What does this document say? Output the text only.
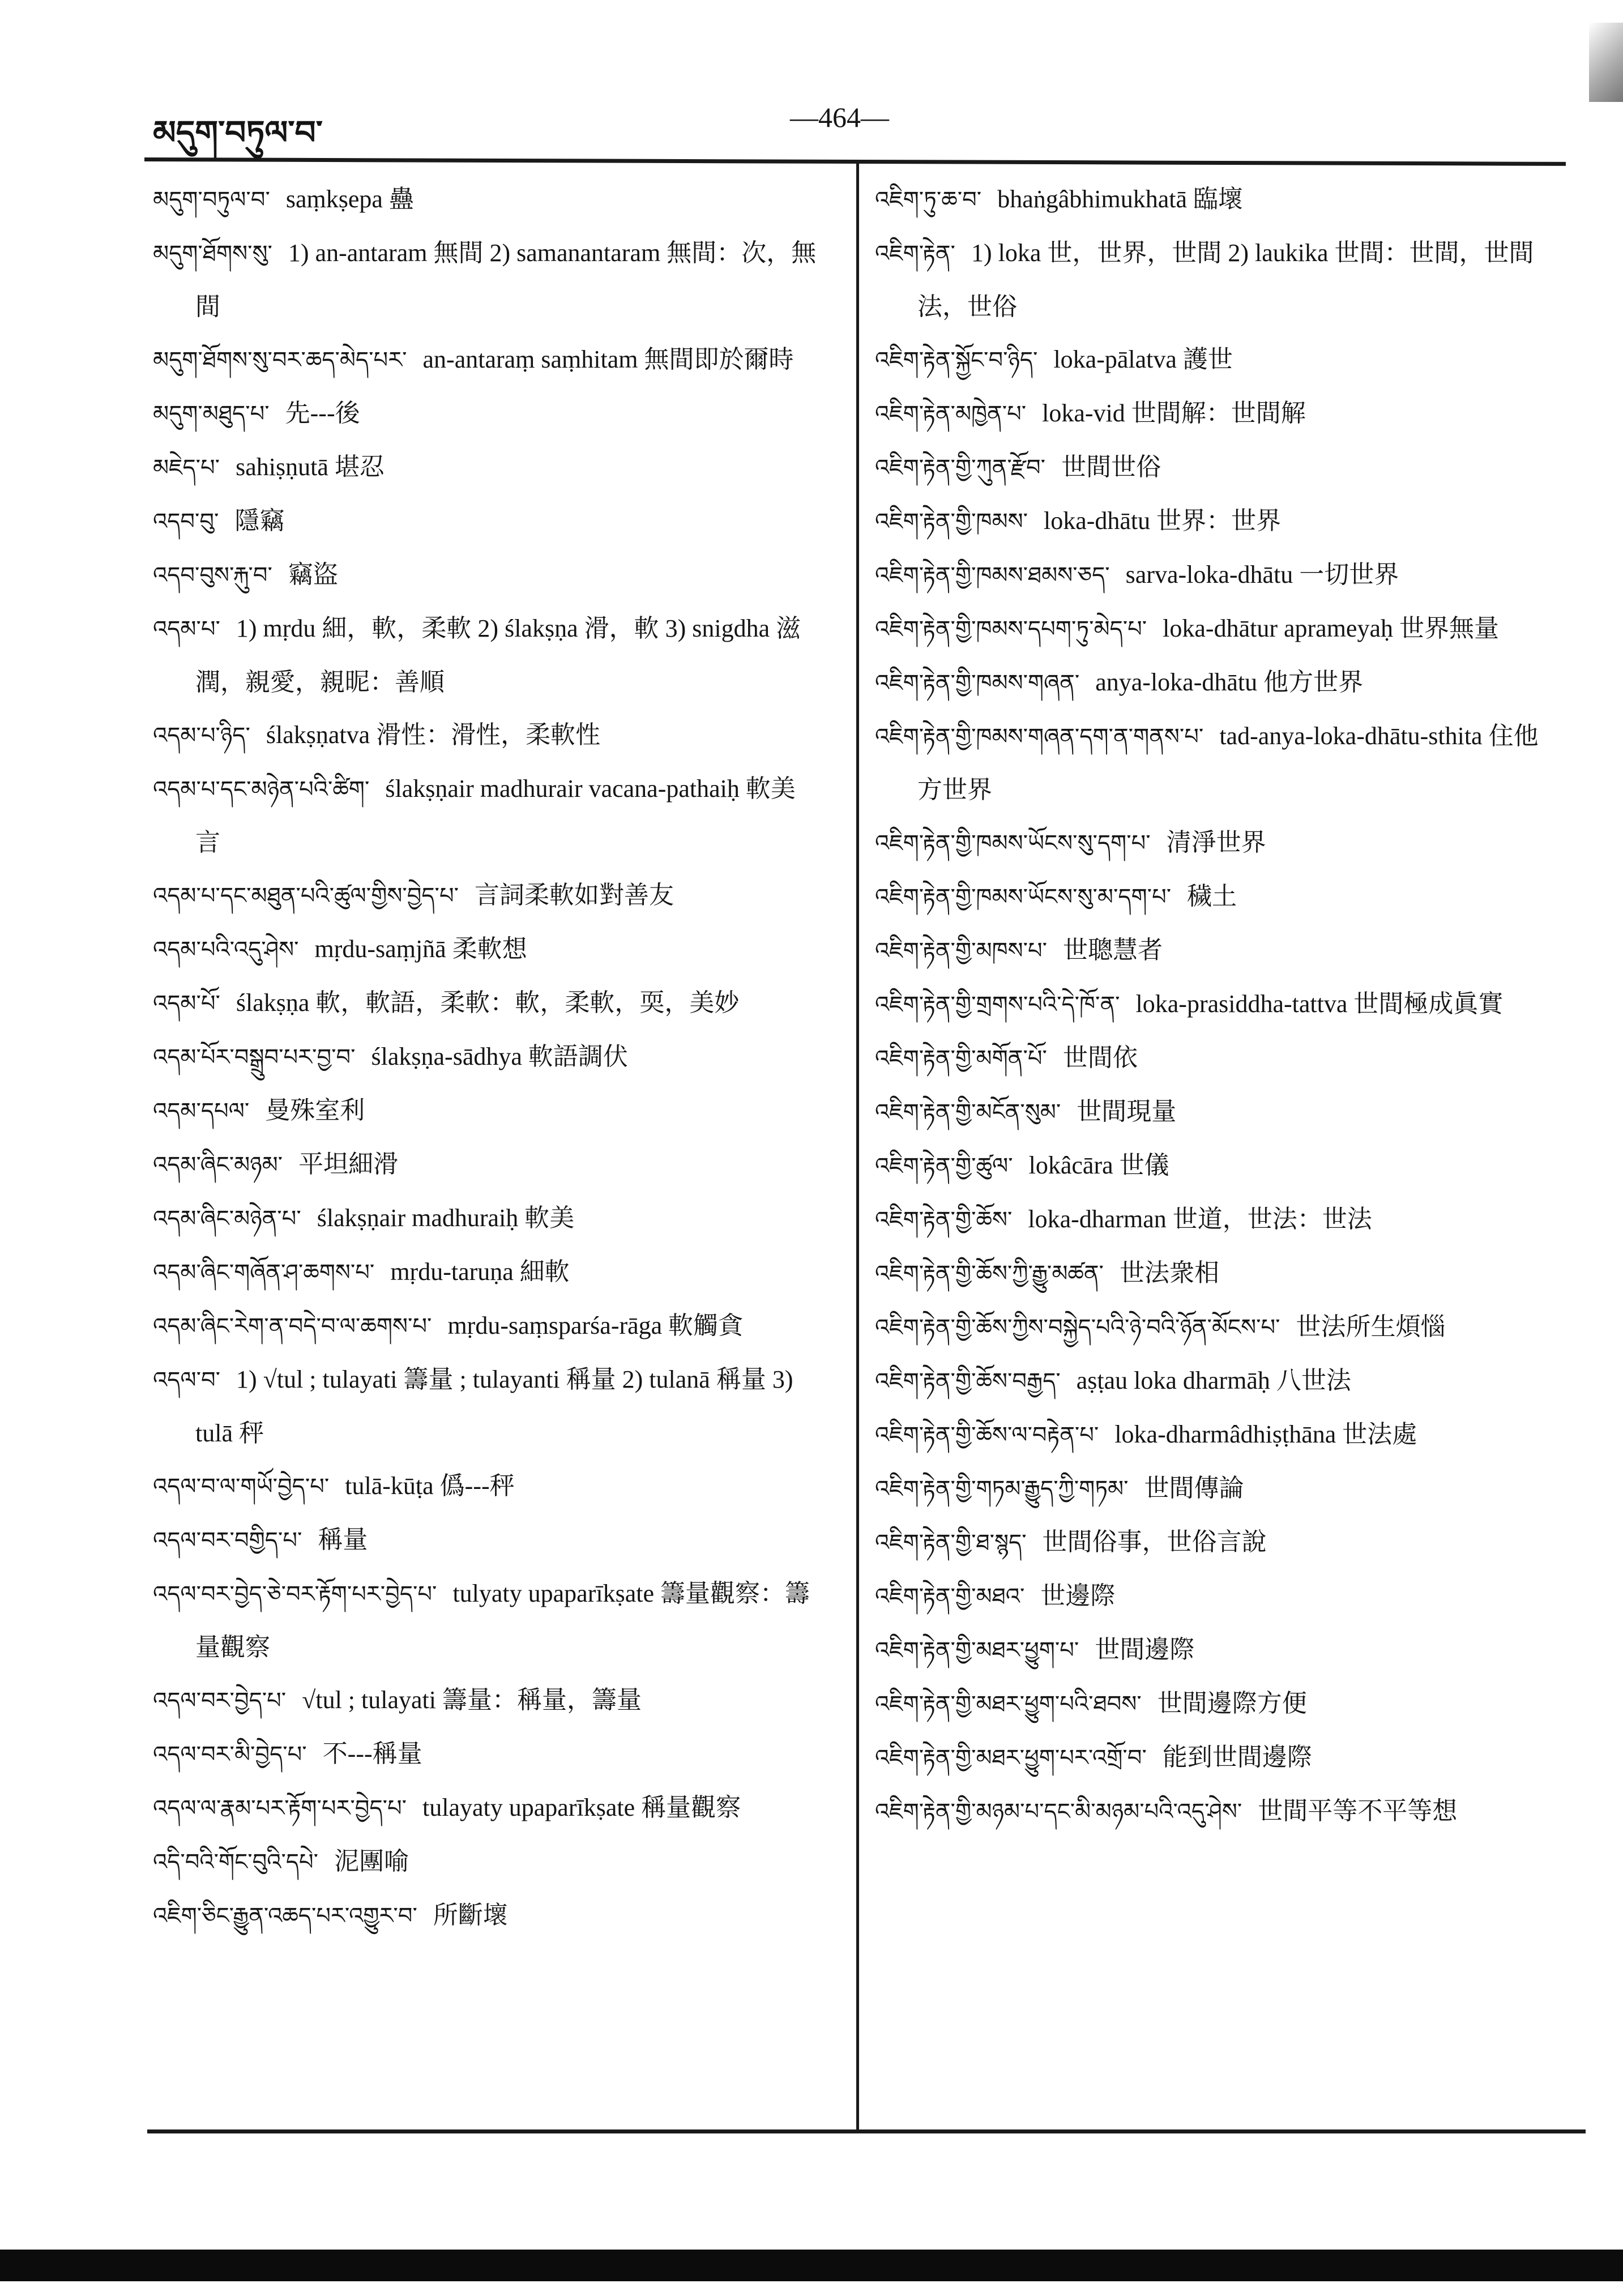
མདུག་བཏུལ་བ་	—464—
མདུག་བཏུལ་བ་ saṃkṣepa 蠱
མདུག་ཐོགས་སུ་ 1) an-antaram 無間 2) samanantaram 無間：次，無間
མདུག་ཐོགས་སུ་བར་ཆད་མེད་པར་ an-antaraṃ saṃhitam 無間即於爾時
མདུག་མཐུད་པ་ 先---後
མཇེད་པ་ sahiṣṇutā 堪忍
འདབ་བུ་ 隱竊
འདབ་བུས་རྐུ་བ་ 竊盜
འདམ་པ་ 1) mṛdu 細，軟，柔軟 2) ślakṣṇa 滑，軟 3) snigdha 滋潤，親愛，親昵：善順
འདམ་པ་ཉིད་ ślakṣṇatva 滑性：滑性，柔軟性
འདམ་པ་དང་མཉེན་པའི་ཚིག་ ślakṣṇair madhurair vacana-pathaiḥ 軟美言
འདམ་པ་དང་མཐུན་པའི་ཚུལ་གྱིས་བྱེད་པ་ 言詞柔軟如對善友
འདམ་པའི་འདུ་ཤེས་ mṛdu-saṃjñā 柔軟想
འདམ་པོ་ ślakṣṇa 軟，軟語，柔軟：軟，柔軟，耎，美妙
འདམ་པོར་བསྒྲུབ་པར་བྱ་བ་ ślakṣṇa-sādhya 軟語調伏
འདམ་དཔལ་ 曼殊室利
འདམ་ཞིང་མཉམ་ 平坦細滑
འདམ་ཞིང་མཉེན་པ་ ślakṣṇair madhuraiḥ 軟美
འདམ་ཞིང་གཞོན་ཤ་ཆགས་པ་ mṛdu-taruṇa 細軟
འདམ་ཞིང་རེག་ན་བདེ་བ་ལ་ཆགས་པ་ mṛdu-saṃsparśa-rāga 軟觸貪
འདལ་བ་ 1) √tul ; tulayati 籌量 ; tulayanti 稱量 2) tulanā 稱量 3) tulā 秤
འདལ་བ་ལ་གཡོ་བྱེད་པ་ tulā-kūṭa 僞---秤
འདལ་བར་བགྱིད་པ་ 稱量
འདལ་བར་བྱེད་ཅེ་བར་རྟོག་པར་བྱེད་པ་ tulyaty upaparīkṣate 籌量觀察：籌量觀察
འདལ་བར་བྱེད་པ་ √tul ; tulayati 籌量：稱量，籌量
འདལ་བར་མི་བྱེད་པ་ 不---稱量
འདལ་ལ་རྣམ་པར་རྟོག་པར་བྱེད་པ་ tulayaty upaparīkṣate 稱量觀察
འདི་བའི་གོང་བུའི་དཔེ་ 泥團喻
འཇིག་ཅིང་རྒྱུན་འཆད་པར་འགྱུར་བ་ 所斷壞
འཇིག་ཏུ་ཆ་བ་ bhaṅgâbhimukhatā 臨壞
འཇིག་རྟེན་ 1) loka 世，世界，世間 2) laukika 世間：世間，世間法，世俗
འཇིག་རྟེན་སྐྱོང་བ་ཉིད་ loka-pālatva 護世
འཇིག་རྟེན་མཁྱེན་པ་ loka-vid 世間解：世間解
འཇིག་རྟེན་གྱི་ཀུན་རྫོབ་ 世間世俗
འཇིག་རྟེན་གྱི་ཁམས་ loka-dhātu 世界：世界
འཇིག་རྟེན་གྱི་ཁམས་ཐམས་ཅད་ sarva-loka-dhātu 一切世界
འཇིག་རྟེན་གྱི་ཁམས་དཔག་ཏུ་མེད་པ་ loka-dhātur aprameyaḥ 世界無量
འཇིག་རྟེན་གྱི་ཁམས་གཞན་ anya-loka-dhātu 他方世界
འཇིག་རྟེན་གྱི་ཁམས་གཞན་དག་ན་གནས་པ་ tad-anya-loka-dhātu-sthita 住他方世界
འཇིག་རྟེན་གྱི་ཁམས་ཡོངས་སུ་དག་པ་ 清淨世界
འཇིག་རྟེན་གྱི་ཁམས་ཡོངས་སུ་མ་དག་པ་ 穢土
འཇིག་རྟེན་གྱི་མཁས་པ་ 世聰慧者
འཇིག་རྟེན་གྱི་གྲགས་པའི་དེ་ཁོ་ན་ loka-prasiddha-tattva 世間極成眞實
འཇིག་རྟེན་གྱི་མགོན་པོ་ 世間依
འཇིག་རྟེན་གྱི་མངོན་སུམ་ 世間現量
འཇིག་རྟེན་གྱི་ཚུལ་ lokâcāra 世儀
འཇིག་རྟེན་གྱི་ཆོས་ loka-dharman 世道，世法：世法
འཇིག་རྟེན་གྱི་ཆོས་ཀྱི་རྒྱུ་མཚན་ 世法衆相
འཇིག་རྟེན་གྱི་ཆོས་ཀྱིས་བསྐྱེད་པའི་ཉེ་བའི་ཉོན་མོངས་པ་ 世法所生煩惱
འཇིག་རྟེན་གྱི་ཆོས་བརྒྱད་ aṣṭau loka dharmāḥ 八世法
འཇིག་རྟེན་གྱི་ཆོས་ལ་བརྟེན་པ་ loka-dharmâdhiṣṭhāna 世法處
འཇིག་རྟེན་གྱི་གཏམ་རྒྱུད་ཀྱི་གཏམ་ 世間傳論
འཇིག་རྟེན་གྱི་ཐ་སྙད་ 世間俗事，世俗言說
འཇིག་རྟེན་གྱི་མཐའ་ 世邊際
འཇིག་རྟེན་གྱི་མཐར་ཕྱུག་པ་ 世間邊際
འཇིག་རྟེན་གྱི་མཐར་ཕྱུག་པའི་ཐབས་ 世間邊際方便
འཇིག་རྟེན་གྱི་མཐར་ཕྱུག་པར་འགྲོ་བ་ 能到世間邊際
འཇིག་རྟེན་གྱི་མཉམ་པ་དང་མི་མཉམ་པའི་འདུ་ཤེས་ 世間平等不平等想
